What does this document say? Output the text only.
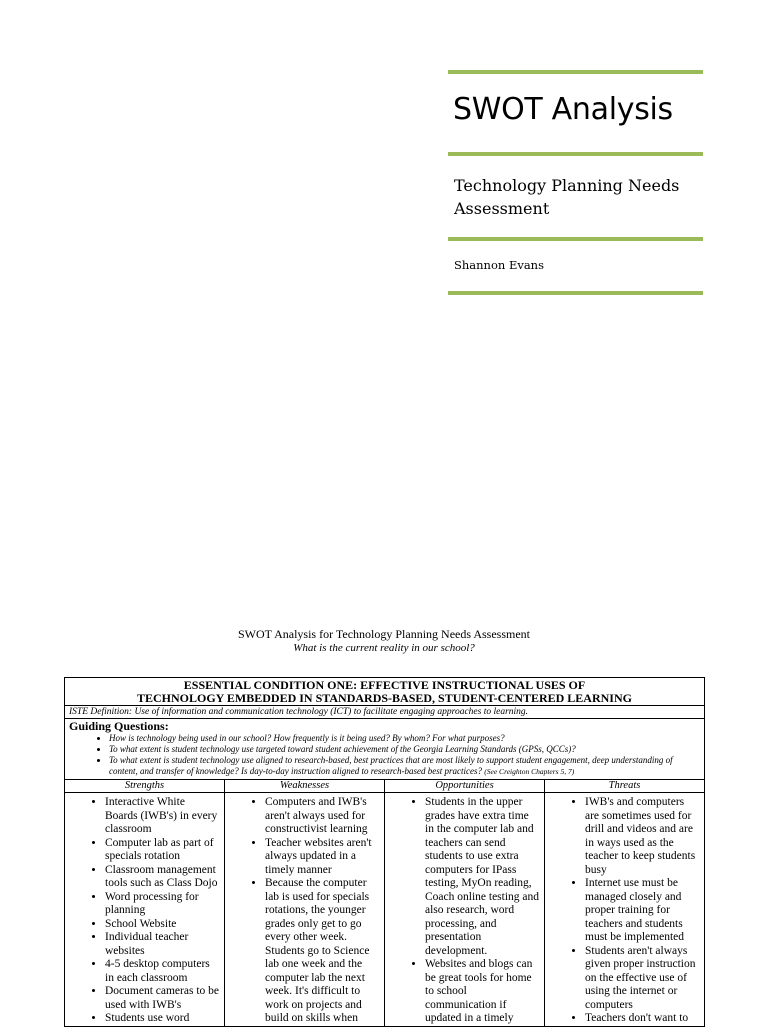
SWOT Analysis
Technology Planning Needs Assessment
Shannon Evans
SWOT Analysis for Technology Planning Needs Assessment
What is the current reality in our school?
ESSENTIAL CONDITION ONE: EFFECTIVE INSTRUCTIONAL USES OF
TECHNOLOGY EMBEDDED IN STANDARDS-BASED, STUDENT-CENTERED LEARNING
ISTE Definition: Use of information and communication technology (ICT) to facilitate engaging approaches to learning.
Guiding Questions:
• How is technology being used in our school? How frequently is it being used? By whom? For what purposes?
• To what extent is student technology use targeted toward student achievement of the Georgia Learning Standards (GPSs, QCCs)?
• To what extent is student technology use aligned to research-based, best practices that are most likely to support student engagement, deep understanding of content, and transfer of knowledge? Is day-to-day instruction aligned to research-based best practices? (See Creighton Chapters 5, 7)
Strengths
• Interactive White Boards (IWB's) in every classroom
• Computer lab as part of specials rotation
• Classroom management tools such as Class Dojo
• Word processing for planning
• School Website
• Individual teacher websites
• 4-5 desktop computers in each classroom
• Document cameras to be used with IWB's
• Students use word
Weaknesses
• Computers and IWB's aren't always used for constructivist learning
• Teacher websites aren't always updated in a timely manner
• Because the computer lab is used for specials rotations, the younger grades only get to go every other week. Students go to Science lab one week and the computer lab the next week. It's difficult to work on projects and build on skills when
Opportunities
• Students in the upper grades have extra time in the computer lab and teachers can send students to use extra computers for IPass testing, MyOn reading, Coach online testing and also research, word processing, and presentation development.
• Websites and blogs can be great tools for home to school communication if updated in a timely
Threats
• IWB's and computers are sometimes used for drill and videos and are in ways used as the teacher to keep students busy
• Internet use must be managed closely and proper training for teachers and students must be implemented
• Students aren't always given proper instruction on the effective use of using the internet or computers
• Teachers don't want to
